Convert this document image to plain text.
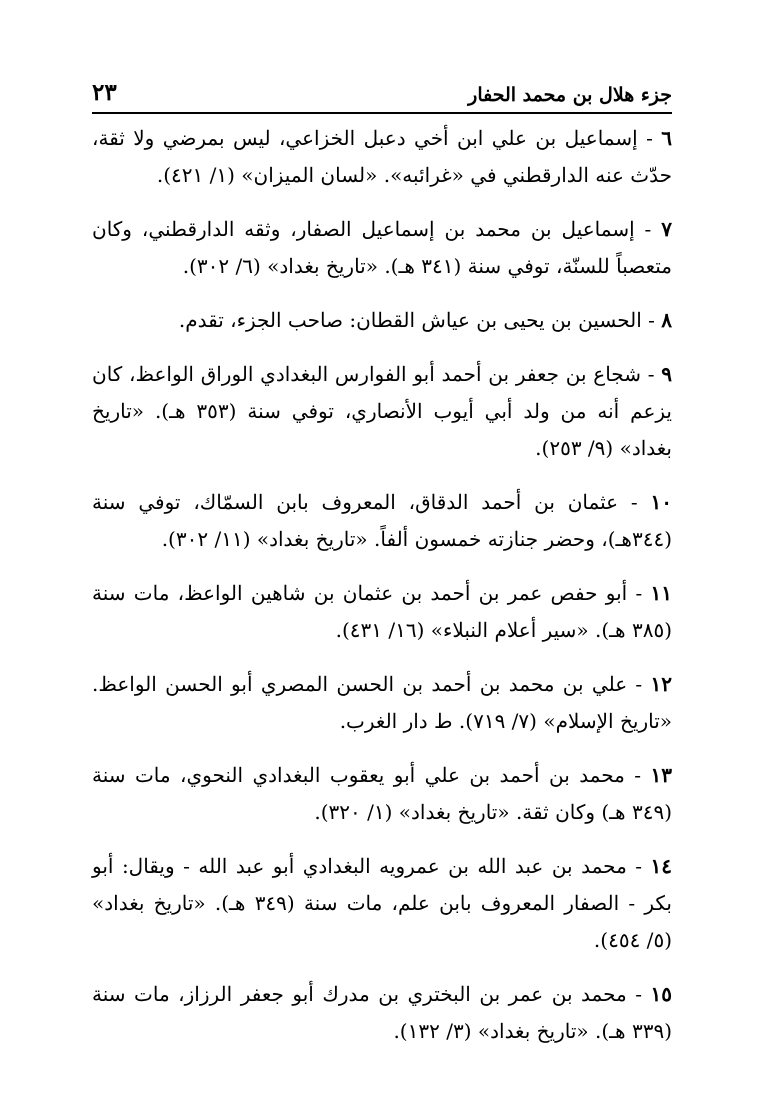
جزء هلال بن محمد الحفار
٢٣

٦ - إسماعيل بن علي ابن أخي دعبل الخزاعي، ليس بمرضي ولا ثقة، حدّث عنه الدارقطني في «غرائبه». «لسان الميزان» (١/ ٤٢١).

٧ - إسماعيل بن محمد بن إسماعيل الصفار، وثقه الدارقطني، وكان متعصباً للسنّة، توفي سنة (٣٤١ هـ). «تاريخ بغداد» (٦/ ٣٠٢).

٨ - الحسين بن يحيى بن عياش القطان: صاحب الجزء، تقدم.

٩ - شجاع بن جعفر بن أحمد أبو الفوارس البغدادي الوراق الواعظ، كان يزعم أنه من ولد أبي أيوب الأنصاري، توفي سنة (٣٥٣ هـ). «تاريخ بغداد» (٩/ ٢٥٣).

١٠ - عثمان بن أحمد الدقاق، المعروف بابن السمّاك، توفي سنة (٣٤٤هـ)، وحضر جنازته خمسون ألفاً. «تاريخ بغداد» (١١/ ٣٠٢).

١١ - أبو حفص عمر بن أحمد بن عثمان بن شاهين الواعظ، مات سنة (٣٨٥ هـ). «سير أعلام النبلاء» (١٦/ ٤٣١).

١٢ - علي بن محمد بن أحمد بن الحسن المصري أبو الحسن الواعظ. «تاريخ الإسلام» (٧/ ٧١٩). ط دار الغرب.

١٣ - محمد بن أحمد بن علي أبو يعقوب البغدادي النحوي، مات سنة (٣٤٩ هـ) وكان ثقة. «تاريخ بغداد» (١/ ٣٢٠).

١٤ - محمد بن عبد الله بن عمرويه البغدادي أبو عبد الله - ويقال: أبو بكر - الصفار المعروف بابن علم، مات سنة (٣٤٩ هـ). «تاريخ بغداد» (٥/ ٤٥٤).

١٥ - محمد بن عمر بن البختري بن مدرك أبو جعفر الرزاز، مات سنة (٣٣٩ هـ). «تاريخ بغداد» (٣/ ١٣٢).
